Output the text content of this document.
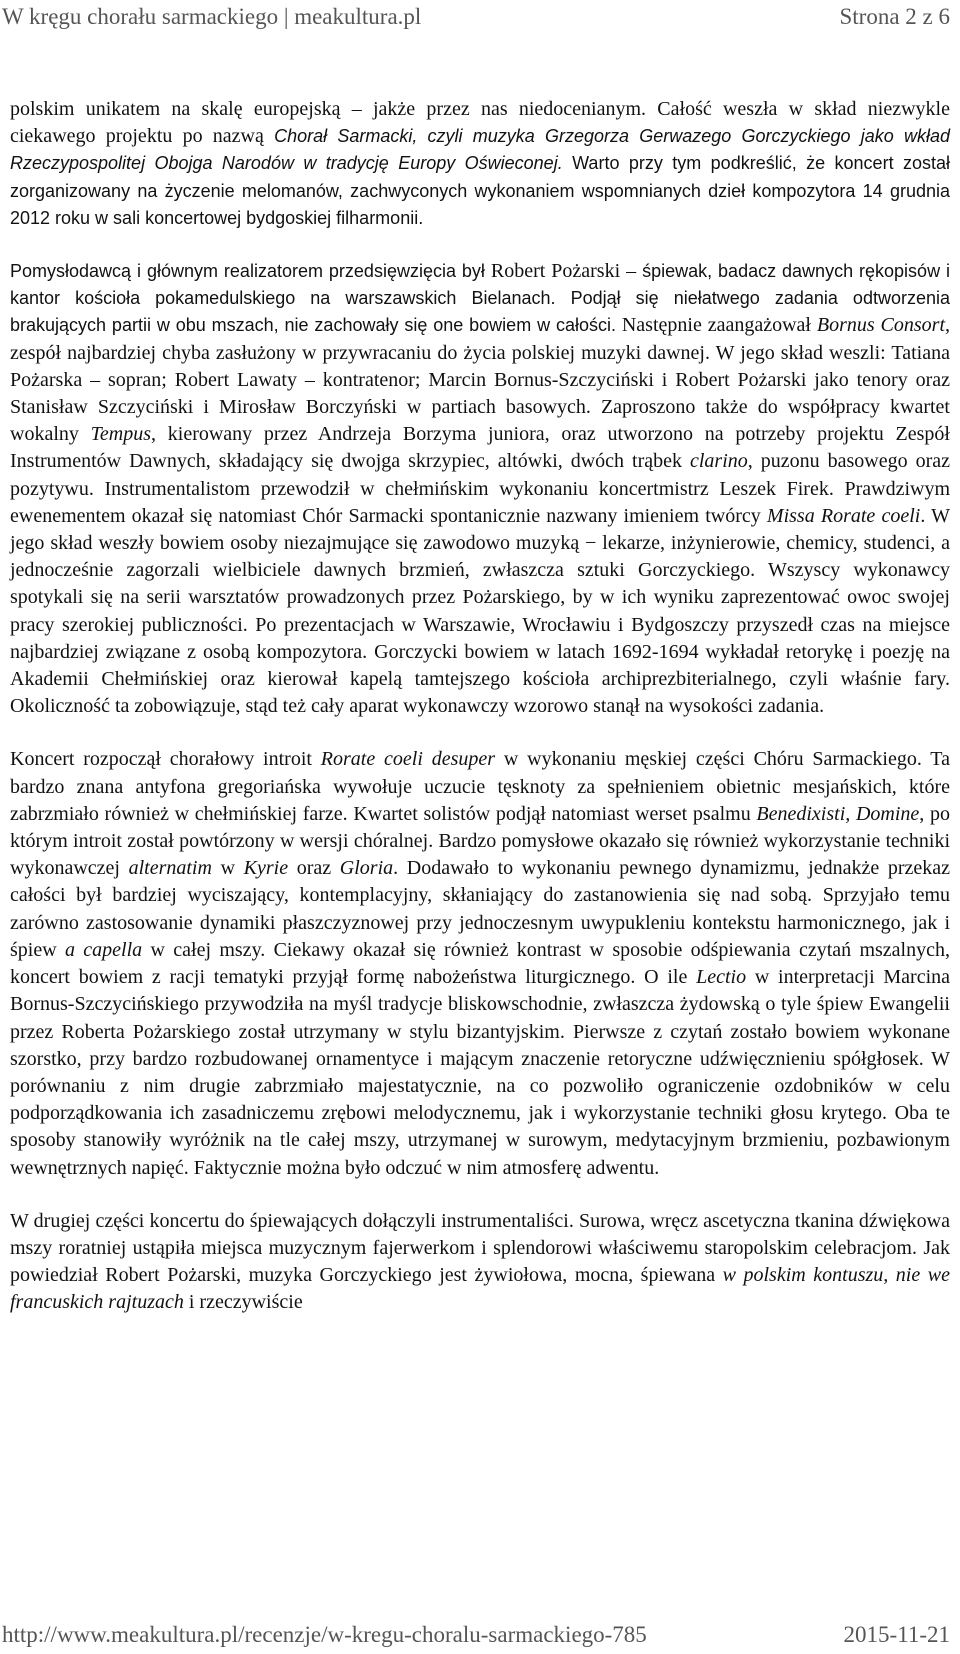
W kręgu chorału sarmackiego | meakultura.pl	Strona 2 z 6

polskim unikatem na skalę europejską – jakże przez nas niedocenianym. Całość weszła w skład niezwykle ciekawego projektu po nazwą Chorał Sarmacki, czyli muzyka Grzegorza Gerwazego Gorczyckiego jako wkład Rzeczypospolitej Obojga Narodów w tradycję Europy Oświeconej. Warto przy tym podkreślić, że koncert został zorganizowany na życzenie melomanów, zachwyconych wykonaniem wspomnianych dzieł kompozytora 14 grudnia 2012 roku w sali koncertowej bydgoskiej filharmonii.

Pomysłodawcą i głównym realizatorem przedsięwzięcia był Robert Pożarski – śpiewak, badacz dawnych rękopisów i kantor kościoła pokamedulskiego na warszawskich Bielanach. Podjął się niełatwego zadania odtworzenia brakujących partii w obu mszach, nie zachowały się one bowiem w całości. Następnie zaangażował Bornus Consort, zespół najbardziej chyba zasłużony w przywracaniu do życia polskiej muzyki dawnej. W jego skład weszli: Tatiana Pożarska – sopran; Robert Lawaty – kontratenor; Marcin Bornus-Szczyciński i Robert Pożarski jako tenory oraz Stanisław Szczyciński i Mirosław Borczyński w partiach basowych. Zaproszono także do współpracy kwartet wokalny Tempus, kierowany przez Andrzeja Borzyma juniora, oraz utworzono na potrzeby projektu Zespół Instrumentów Dawnych, składający się dwojga skrzypiec, altówki, dwóch trąbek clarino, puzonu basowego oraz pozytywu. Instrumentalistom przewodził w chełmińskim wykonaniu koncertmistrz Leszek Firek. Prawdziwym ewenementem okazał się natomiast Chór Sarmacki spontanicznie nazwany imieniem twórcy Missa Rorate coeli. W jego skład weszły bowiem osoby niezajmujące się zawodowo muzyką − lekarze, inżynierowie, chemicy, studenci, a jednocześnie zagorzali wielbiciele dawnych brzmień, zwłaszcza sztuki Gorczyckiego. Wszyscy wykonawcy spotykali się na serii warsztatów prowadzonych przez Pożarskiego, by w ich wyniku zaprezentować owoc swojej pracy szerokiej publiczności. Po prezentacjach w Warszawie, Wrocławiu i Bydgoszczy przyszedł czas na miejsce najbardziej związane z osobą kompozytora. Gorczycki bowiem w latach 1692-1694 wykładał retorykę i poezję na Akademii Chełmińskiej oraz kierował kapelą tamtejszego kościoła archiprezbiterialnego, czyli właśnie fary. Okoliczność ta zobowiązuje, stąd też cały aparat wykonawczy wzorowo stanął na wysokości zadania.

Koncert rozpoczął chorałowy introit Rorate coeli desuper w wykonaniu męskiej części Chóru Sarmackiego. Ta bardzo znana antyfona gregoriańska wywołuje uczucie tęsknoty za spełnieniem obietnic mesjańskich, które zabrzmiało również w chełmińskiej farze. Kwartet solistów podjął natomiast werset psalmu Benedixisti, Domine, po którym introit został powtórzony w wersji chóralnej. Bardzo pomysłowe okazało się również wykorzystanie techniki wykonawczej alternatim w Kyrie oraz Gloria. Dodawało to wykonaniu pewnego dynamizmu, jednakże przekaz całości był bardziej wyciszający, kontemplacyjny, skłaniający do zastanowienia się nad sobą. Sprzyjało temu zarówno zastosowanie dynamiki płaszczyznowej przy jednoczesnym uwypukleniu kontekstu harmonicznego, jak i śpiew a capella w całej mszy. Ciekawy okazał się również kontrast w sposobie odśpiewania czytań mszalnych, koncert bowiem z racji tematyki przyjął formę nabożeństwa liturgicznego. O ile Lectio w interpretacji Marcina Bornus-Szczycińskiego przywodziła na myśl tradycje bliskowschodnie, zwłaszcza żydowską o tyle śpiew Ewangelii przez Roberta Pożarskiego został utrzymany w stylu bizantyjskim. Pierwsze z czytań zostało bowiem wykonane szorstko, przy bardzo rozbudowanej ornamentyce i mającym znaczenie retoryczne udźwięcznieniu spółgłosek. W porównaniu z nim drugie zabrzmiało majestatycznie, na co pozwoliło ograniczenie ozdobników w celu podporządkowania ich zasadniczemu zrębowi melodycznemu, jak i wykorzystanie techniki głosu krytego. Oba te sposoby stanowiły wyróżnik na tle całej mszy, utrzymanej w surowym, medytacyjnym brzmieniu, pozbawionym wewnętrznych napięć. Faktycznie można było odczuć w nim atmosferę adwentu.

W drugiej części koncertu do śpiewających dołączyli instrumentaliści. Surowa, wręcz ascetyczna tkanina dźwiękowa mszy roratniej ustąpiła miejsca muzycznym fajerwerkom i splendorowi właściwemu staropolskim celebracjom. Jak powiedział Robert Pożarski, muzyka Gorczyckiego jest żywiołowa, mocna, śpiewana w polskim kontuszu, nie we francuskich rajtuzach i rzeczywiście

http://www.meakultura.pl/recenzje/w-kregu-choralu-sarmackiego-785	2015-11-21
